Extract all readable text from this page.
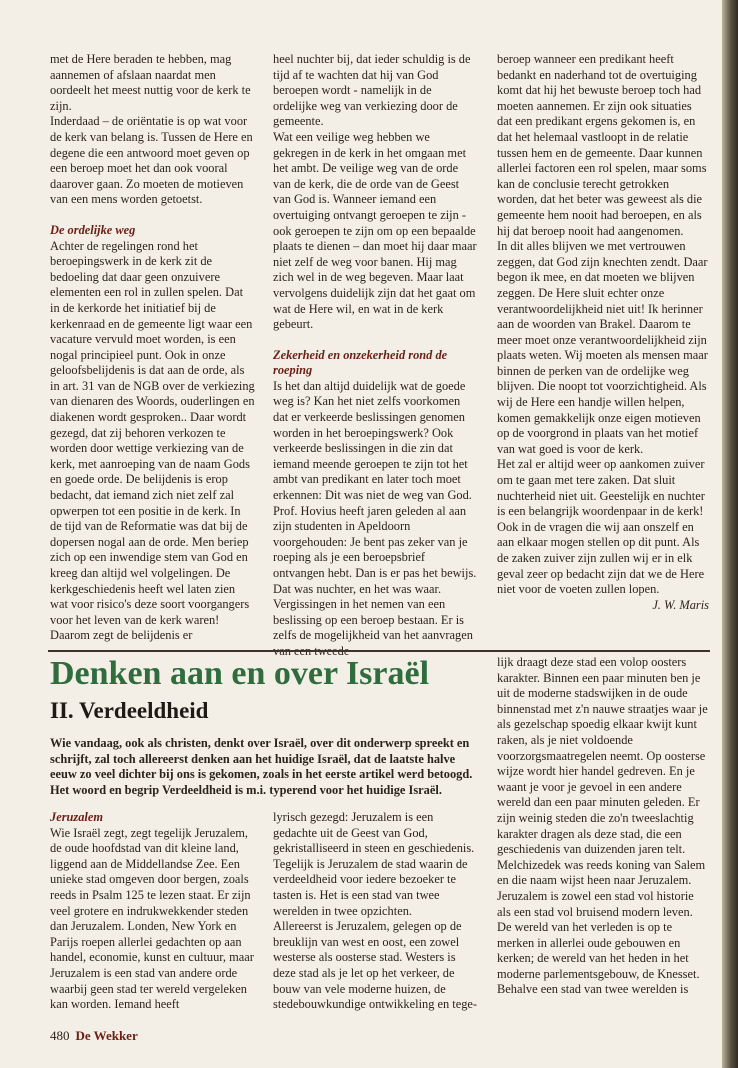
met de Here beraden te hebben, mag aannemen of afslaan naardat men oordeelt het meest nuttig voor de kerk te zijn.

Inderdaad – de oriëntatie is op wat voor de kerk van belang is. Tussen de Here en degene die een antwoord moet geven op een beroep moet het dan ook vooral daarover gaan. Zo moeten de motieven van een mens worden getoetst.

De ordelijke weg

Achter de regelingen rond het beroepingswerk in de kerk zit de bedoeling dat daar geen onzuivere elementen een rol in zullen spelen. Dat in de kerkorde het initiatief bij de kerkenraad en de gemeente ligt waar een vacature vervuld moet worden, is een nogal principieel punt. Ook in onze geloofsbelijdenis is dat aan de orde, als in art. 31 van de NGB over de verkiezing van dienaren des Woords, ouderlingen en diakenen wordt gesproken.. Daar wordt gezegd, dat zij behoren verkozen te worden door wettige verkiezing van de kerk, met aanroeping van de naam Gods en goede orde. De belijdenis is erop bedacht, dat iemand zich niet zelf zal opwerpen tot een positie in de kerk. In de tijd van de Reformatie was dat bij de dopersen nogal aan de orde. Men beriep zich op een inwendige stem van God en kreeg dan altijd wel volgelingen. De kerkgeschiedenis heeft wel laten zien wat voor risico's deze soort voorgangers voor het leven van de kerk waren! Daarom zegt de belijdenis er

heel nuchter bij, dat ieder schuldig is de tijd af te wachten dat hij van God beroepen wordt - namelijk in de ordelijke weg van verkiezing door de gemeente.

Wat een veilige weg hebben we gekregen in de kerk in het omgaan met het ambt. De veilige weg van de orde van de kerk, die de orde van de Geest van God is. Wanneer iemand een overtuiging ontvangt geroepen te zijn - ook geroepen te zijn om op een bepaalde plaats te dienen – dan moet hij daar maar niet zelf de weg voor banen. Hij mag zich wel in de weg begeven. Maar laat vervolgens duidelijk zijn dat het gaat om wat de Here wil, en wat in de kerk gebeurt.

Zekerheid en onzekerheid rond de roeping

Is het dan altijd duidelijk wat de goede weg is? Kan het niet zelfs voorkomen dat er verkeerde beslissingen genomen worden in het beroepingswerk? Ook verkeerde beslissingen in die zin dat iemand meende geroepen te zijn tot het ambt van predikant en later toch moet erkennen: Dit was niet de weg van God.

Prof. Hovius heeft jaren geleden al aan zijn studenten in Apeldoorn voorgehouden: Je bent pas zeker van je roeping als je een beroepsbrief ontvangen hebt. Dan is er pas het bewijs. Dat was nuchter, en het was waar. Vergissingen in het nemen van een beslissing op een beroep bestaan. Er is zelfs de mogelijkheid van het aanvragen

beroep wanneer een predikant heeft bedankt en naderhand tot de overtuiging komt dat hij het bewuste beroep toch had moeten aannemen. Er zijn ook situaties dat een predikant ergens gekomen is, en dat het helemaal vastloopt in de relatie tussen hem en de gemeente. Daar kunnen allerlei factoren een rol spelen, maar soms kan de conclusie terecht getrokken worden, dat het beter was geweest als die gemeente hem nooit had beroepen, en als hij dat beroep nooit had aangenomen.

In dit alles blijven we met vertrouwen zeggen, dat God zijn knechten zendt. Daar begon ik mee, en dat moeten we blijven zeggen. De Here sluit echter onze verantwoordelijkheid niet uit! Ik herinner aan de woorden van Brakel. Daarom te meer moet onze verantwoordelijkheid zijn plaats weten. Wij moeten als mensen maar binnen de perken van de ordelijke weg blijven. Die noopt tot voorzichtigheid. Als wij de Here een handje willen helpen, komen gemakkelijk onze eigen motieven op de voorgrond in plaats van het motief van wat goed is voor de kerk.

Het zal er altijd weer op aankomen zuiver om te gaan met tere zaken. Dat sluit nuchterheid niet uit. Geestelijk en nuchter is een belangrijk woordenpaar in de kerk! Ook in de vragen die wij aan onszelf en aan elkaar mogen stellen op dit punt. Als de zaken zuiver zijn zullen wij er in elk geval zeer op bedacht zijn dat we de Here niet voor de voeten zullen lopen.

J. W. Maris

Denken aan en over Israël
II. Verdeeldheid

Wie vandaag, ook als christen, denkt over Israël, over dit onderwerp spreekt en schrijft, zal toch allereerst denken aan het huidige Israël, dat de laatste halve eeuw zo veel dichter bij ons is gekomen, zoals in het eerste artikel werd betoogd. Het woord en begrip Verdeeldheid is m.i. typerend voor het huidige Israël.

Jeruzalem

Wie Israël zegt, zegt tegelijk Jeruzalem, de oude hoofdstad van dit kleine land, liggend aan de Middellandse Zee. Een unieke stad omgeven door bergen, zoals reeds in Psalm 125 te lezen staat. Er zijn veel grotere en indrukwekkender steden dan Jeruzalem. Londen, New York en Parijs roepen allerlei gedachten op aan handel, economie, kunst en cultuur, maar Jeruzalem is een stad van andere orde waarbij geen stad ter wereld vergeleken kan worden. Iemand heeft

lyrisch gezegd: Jeruzalem is een gedachte uit de Geest van God, gekristalliseerd in steen en geschiedenis.

Tegelijk is Jeruzalem de stad waarin de verdeeldheid voor iedere bezoeker te tasten is. Het is een stad van twee werelden in twee opzichten.

Allereerst is Jeruzalem, gelegen op de breuklijn van west en oost, een zowel westerse als oosterse stad. Westers is deze stad als je let op het verkeer, de bouw van vele moderne huizen, de stedebouwkundige ontwikkeling en tege-

lijk draagt deze stad een volop oosters karakter. Binnen een paar minuten ben je uit de moderne stadswijken in de oude binnenstad met z'n nauwe straatjes waar je als gezelschap spoedig elkaar kwijt kunt raken, als je niet voldoende voorzorgsmaatregelen neemt. Op oosterse wijze wordt hier handel gedreven. En je waant je voor je gevoel in een andere wereld dan een paar minuten geleden. Er zijn weinig steden die zo'n tweeslachtig karakter dragen als deze stad, die een geschiedenis van duizenden jaren telt. Melchizedek was reeds koning van Salem en die naam wijst heen naar Jeruzalem. Jeruzalem is zowel een stad vol historie als een stad vol bruisend modern leven. De wereld van het verleden is op te merken in allerlei oude gebouwen en kerken; de wereld van het heden in het moderne parlementsgebouw, de Knesset.

Behalve een stad van twee werelden is

480 De Wekker
